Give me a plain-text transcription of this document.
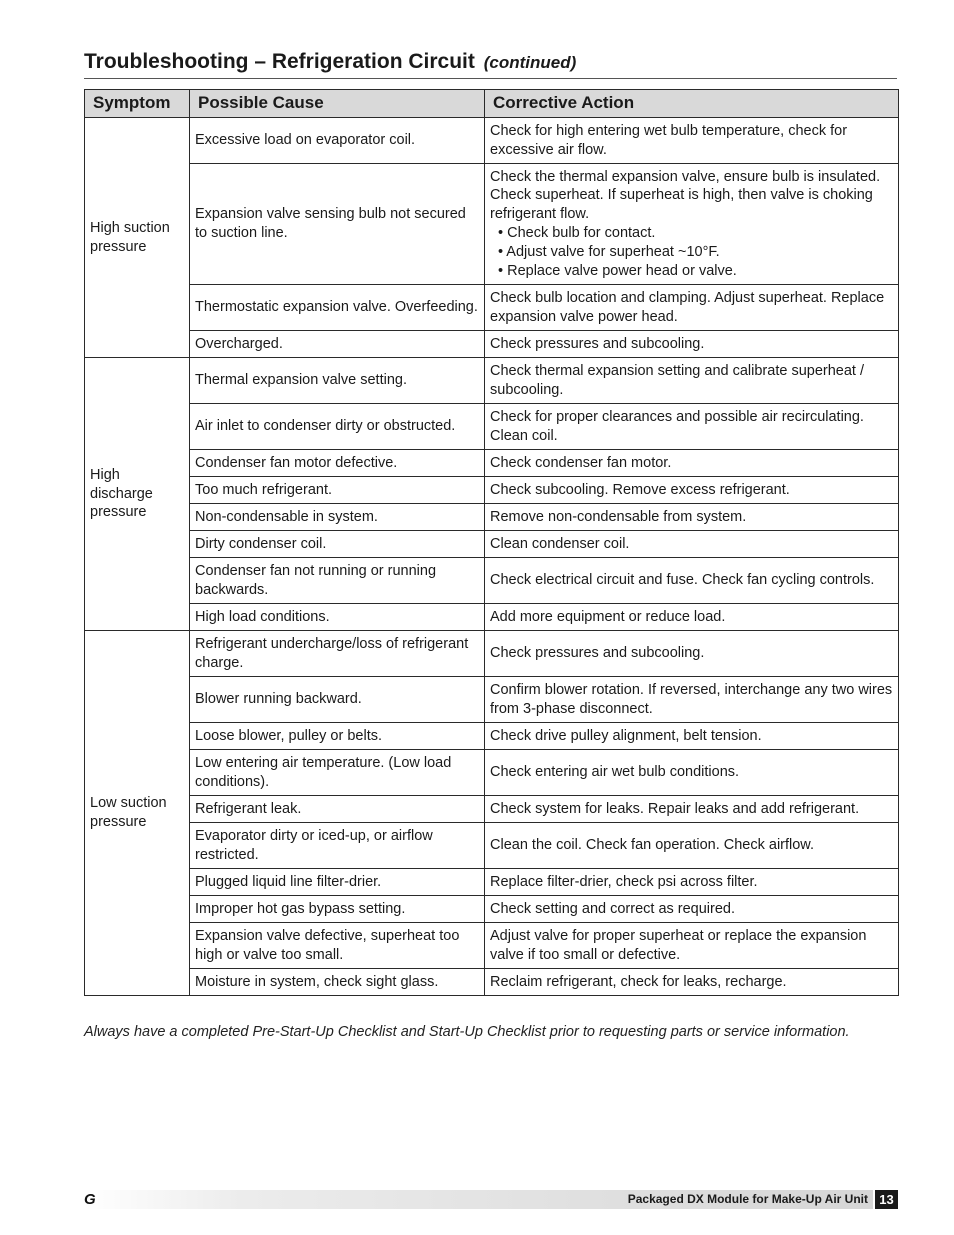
Troubleshooting – Refrigeration Circuit (continued)
Symptom	Possible Cause	Corrective Action
High suction pressure	Excessive load on evaporator coil.	Check for high entering wet bulb temperature, check for excessive air flow.
	Expansion valve sensing bulb not secured to suction line.	Check the thermal expansion valve, ensure bulb is insulated. Check superheat. If superheat is high, then valve is choking refrigerant flow.
• Check bulb for contact.
• Adjust valve for superheat ~10°F.
• Replace valve power head or valve.

	Thermostatic expansion valve. Overfeeding.	Check bulb location and clamping. Adjust superheat. Replace expansion valve power head.
	Overcharged.	Check pressures and subcooling.
High discharge pressure	Thermal expansion valve setting.	Check thermal expansion setting and calibrate superheat / subcooling.
	Air inlet to condenser dirty or obstructed.	Check for proper clearances and possible air recirculating. Clean coil.
	Condenser fan motor defective.	Check condenser fan motor.
	Too much refrigerant.	Check subcooling. Remove excess refrigerant.
	Non-condensable in system.	Remove non-condensable from system.
	Dirty condenser coil.	Clean condenser coil.
	Condenser fan not running or running backwards.	Check electrical circuit and fuse. Check fan cycling controls.
	High load conditions.	Add more equipment or reduce load.
Low suction pressure	Refrigerant undercharge/loss of refrigerant charge.	Check pressures and subcooling.
	Blower running backward.	Confirm blower rotation. If reversed, interchange any two wires from 3-phase disconnect.
	Loose blower, pulley or belts.	Check drive pulley alignment, belt tension.
	Low entering air temperature. (Low load conditions).	Check entering air wet bulb conditions.
	Refrigerant leak.	Check system for leaks. Repair leaks and add refrigerant.
	Evaporator dirty or iced-up, or airflow restricted.	Clean the coil. Check fan operation. Check airflow.
	Plugged liquid line filter-drier.	Replace filter-drier, check psi across filter.
	Improper hot gas bypass setting.	Check setting and correct as required.
	Expansion valve defective, superheat too high or valve too small.	Adjust valve for proper superheat or replace the expansion valve if too small or defective.
	Moisture in system, check sight glass.	Reclaim refrigerant, check for leaks, recharge.
Always have a completed Pre-Start-Up Checklist and Start-Up Checklist prior to requesting parts or service information.
G	Packaged DX Module for Make-Up Air Unit 13
